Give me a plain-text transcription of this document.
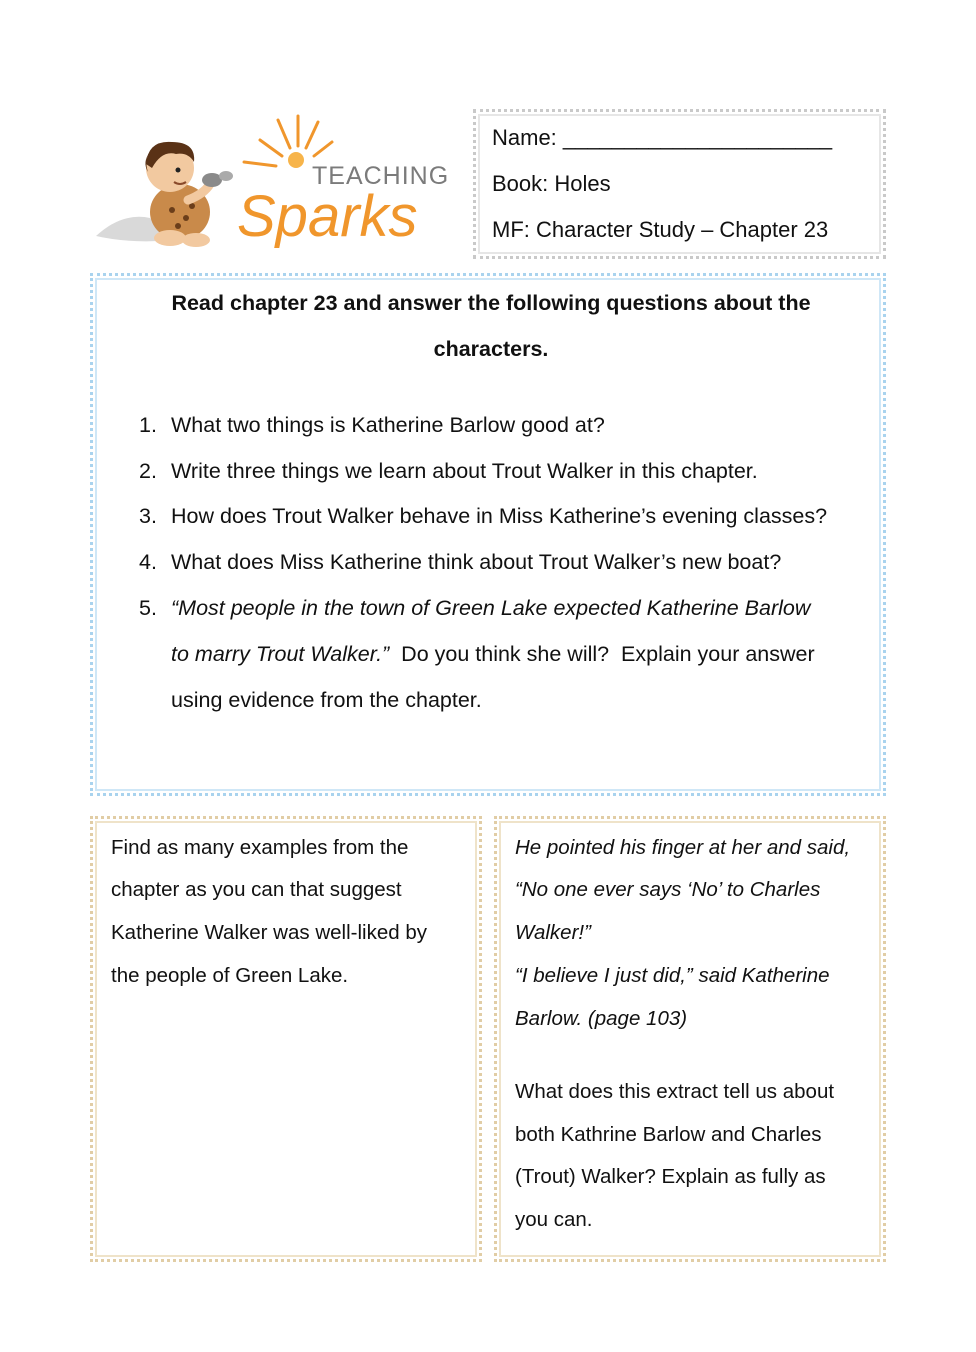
TEACHING
Sparks
Name: ______________________
Book: Holes
MF: Character Study – Chapter 23
Read chapter 23 and answer the following questions about the
characters.
1. What two things is Katherine Barlow good at?
2. Write three things we learn about Trout Walker in this chapter.
3. How does Trout Walker behave in Miss Katherine’s evening classes?
4. What does Miss Katherine think about Trout Walker’s new boat?
5. “Most people in the town of Green Lake expected Katherine Barlow
to marry Trout Walker.”  Do you think she will?  Explain your answer
using evidence from the chapter.
Find as many examples from the
chapter as you can that suggest
Katherine Walker was well-liked by
the people of Green Lake.
He pointed his finger at her and said,
“No one ever says ‘No’ to Charles
Walker!”
“I believe I just did,” said Katherine
Barlow. (page 103)
What does this extract tell us about
both Kathrine Barlow and Charles
(Trout) Walker? Explain as fully as
you can.
